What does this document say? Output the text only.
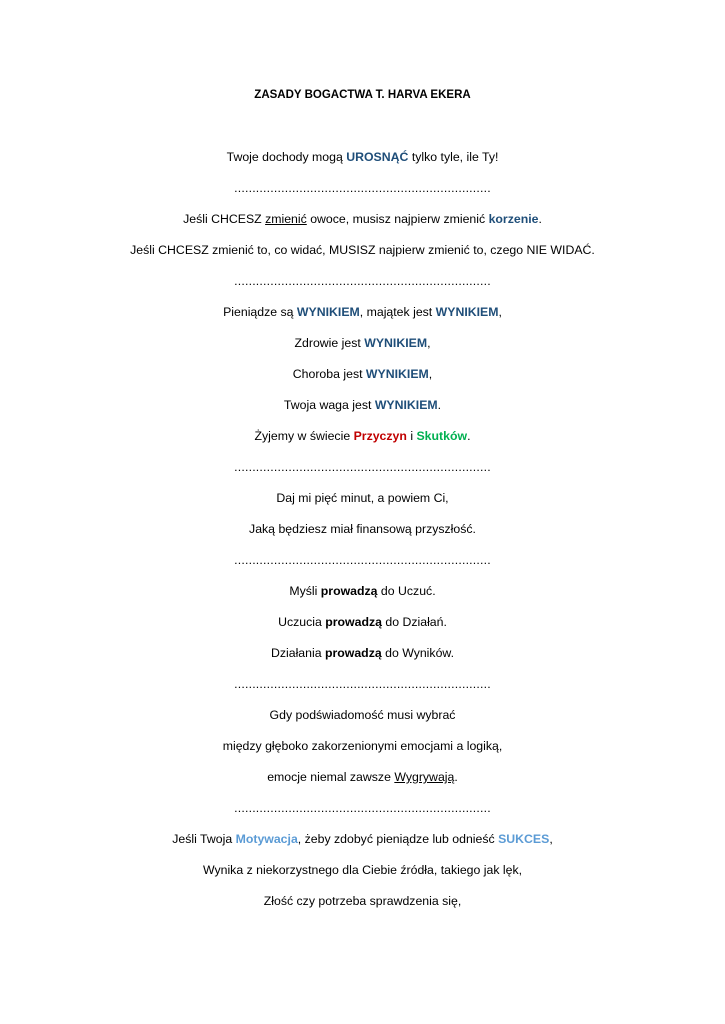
ZASADY BOGACTWA T. HARVA EKERA
Twoje dochody mogą UROSNĄĆ tylko tyle, ile Ty!
.......................................................................
Jeśli CHCESZ zmienić owoce, musisz najpierw zmienić korzenie.
Jeśli CHCESZ zmienić to, co widać, MUSISZ najpierw zmienić to, czego NIE WIDAĆ.
.......................................................................
Pieniądze są WYNIKIEM, majątek jest WYNIKIEM,
Zdrowie jest WYNIKIEM,
Choroba jest WYNIKIEM,
Twoja waga jest WYNIKIEM.
Żyjemy w świecie Przyczyn i Skutków.
.......................................................................
Daj mi pięć minut, a powiem Ci,
Jaką będziesz miał finansową przyszłość.
.......................................................................
Myśli prowadzą do Uczuć.
Uczucia prowadzą do Działań.
Działania prowadzą do Wyników.
.......................................................................
Gdy podświadomość musi wybrać
między głęboko zakorzenionymi emocjami a logiką,
emocje niemal zawsze Wygrywają.
.......................................................................
Jeśli Twoja Motywacja, żeby zdobyć pieniądze lub odnieść SUKCES,
Wynika z niekorzystnego dla Ciebie źródła, takiego jak lęk,
Złość czy potrzeba sprawdzenia się,
